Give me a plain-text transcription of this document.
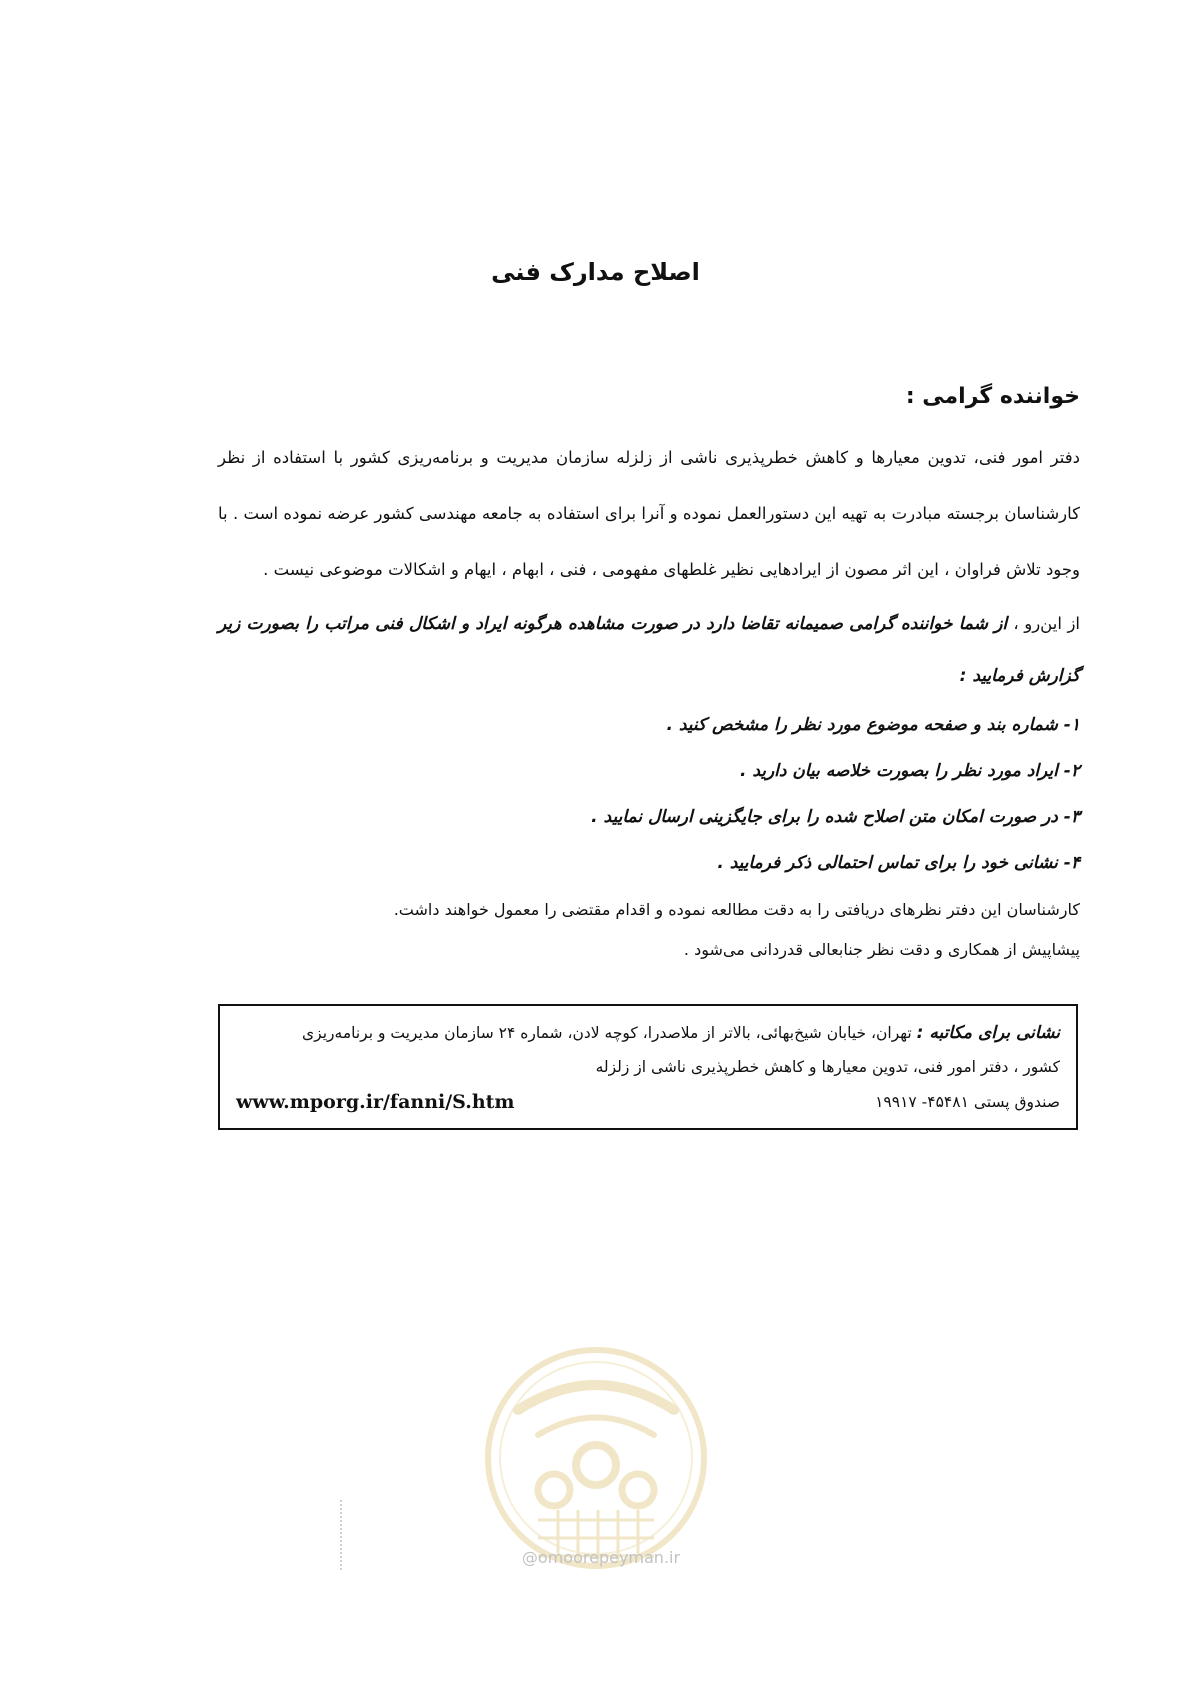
اصلاح مدارک فنی
خواننده گرامی :

دفتر امور فنی، تدوین معیارها و کاهش خطرپذیری ناشی از زلزله سازمان مدیریت و برنامه‌ریزی کشور با استفاده از نظر کارشناسان برجسته مبادرت به تهیه این دستورالعمل نموده و آنرا برای استفاده به جامعه مهندسی کشور عرضه نموده است . با وجود تلاش فراوان ، این اثر مصون از ایرادهایی نظیر غلطهای مفهومی ، فنی ، ابهام ، ایهام و اشکالات موضوعی نیست .

از این‌رو ، از شما خواننده گرامی صمیمانه تقاضا دارد در صورت مشاهده هرگونه ایراد و اشکال فنی مراتب را بصورت زیر گزارش فرمایید :

١- شماره بند و صفحه موضوع مورد نظر را مشخص کنید .
٢- ایراد مورد نظر را بصورت خلاصه بیان دارید .
٣- در صورت امکان متن اصلاح شده را برای جایگزینی ارسال نمایید .
۴- نشانی خود را برای تماس احتمالی ذکر فرمایید .

کارشناسان این دفتر نظرهای دریافتی را به دقت مطالعه نموده و اقدام مقتضی را معمول خواهند داشت.

پیشاپیش از همکاری و دقت نظر جنابعالی قدردانی می‌شود .

نشانی برای مکاتبه : تهران، خیابان شیخ‌بهائی، بالاتر از ملاصدرا، کوچه لادن، شماره ۲۴ سازمان مدیریت و برنامه‌ریزی
کشور ، دفتر امور فنی، تدوین معیارها و کاهش خطرپذیری ناشی از زلزله
صندوق پستی ۴۵۴۸۱- ۱۹۹۱۷
www.mporg.ir/fanni/S.htm
@omoorepeyman.ir
